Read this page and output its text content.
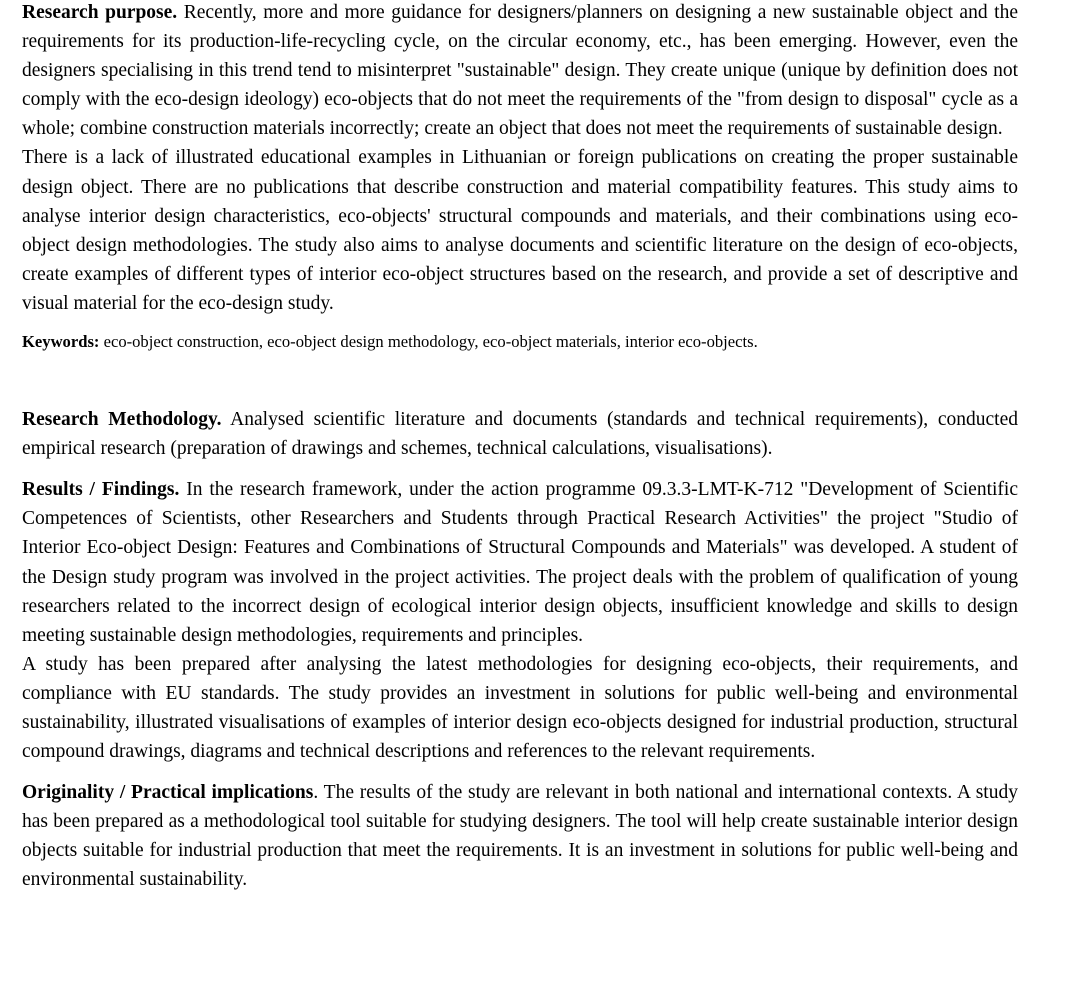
Research purpose. Recently, more and more guidance for designers/planners on designing a new sustainable object and the requirements for its production-life-recycling cycle, on the circular economy, etc., has been emerging. However, even the designers specialising in this trend tend to misinterpret "sustainable" design. They create unique (unique by definition does not comply with the eco-design ideology) eco-objects that do not meet the requirements of the "from design to disposal" cycle as a whole; combine construction materials incorrectly; create an object that does not meet the requirements of sustainable design.

There is a lack of illustrated educational examples in Lithuanian or foreign publications on creating the proper sustainable design object. There are no publications that describe construction and material compatibility features. This study aims to analyse interior design characteristics, eco-objects' structural compounds and materials, and their combinations using eco-object design methodologies. The study also aims to analyse documents and scientific literature on the design of eco-objects, create examples of different types of interior eco-object structures based on the research, and provide a set of descriptive and visual material for the eco-design study.

Keywords: eco-object construction, eco-object design methodology, eco-object materials, interior eco-objects.

Research Methodology. Analysed scientific literature and documents (standards and technical requirements), conducted empirical research (preparation of drawings and schemes, technical calculations, visualisations).

Results / Findings. In the research framework, under the action programme 09.3.3-LMT-K-712 "Development of Scientific Competences of Scientists, other Researchers and Students through Practical Research Activities" the project "Studio of Interior Eco-object Design: Features and Combinations of Structural Compounds and Materials" was developed. A student of the Design study program was involved in the project activities. The project deals with the problem of qualification of young researchers related to the incorrect design of ecological interior design objects, insufficient knowledge and skills to design meeting sustainable design methodologies, requirements and principles.

A study has been prepared after analysing the latest methodologies for designing eco-objects, their requirements, and compliance with EU standards. The study provides an investment in solutions for public well-being and environmental sustainability, illustrated visualisations of examples of interior design eco-objects designed for industrial production, structural compound drawings, diagrams and technical descriptions and references to the relevant requirements.

Originality / Practical implications. The results of the study are relevant in both national and international contexts. A study has been prepared as a methodological tool suitable for studying designers. The tool will help create sustainable interior design objects suitable for industrial production that meet the requirements. It is an investment in solutions for public well-being and environmental sustainability.
